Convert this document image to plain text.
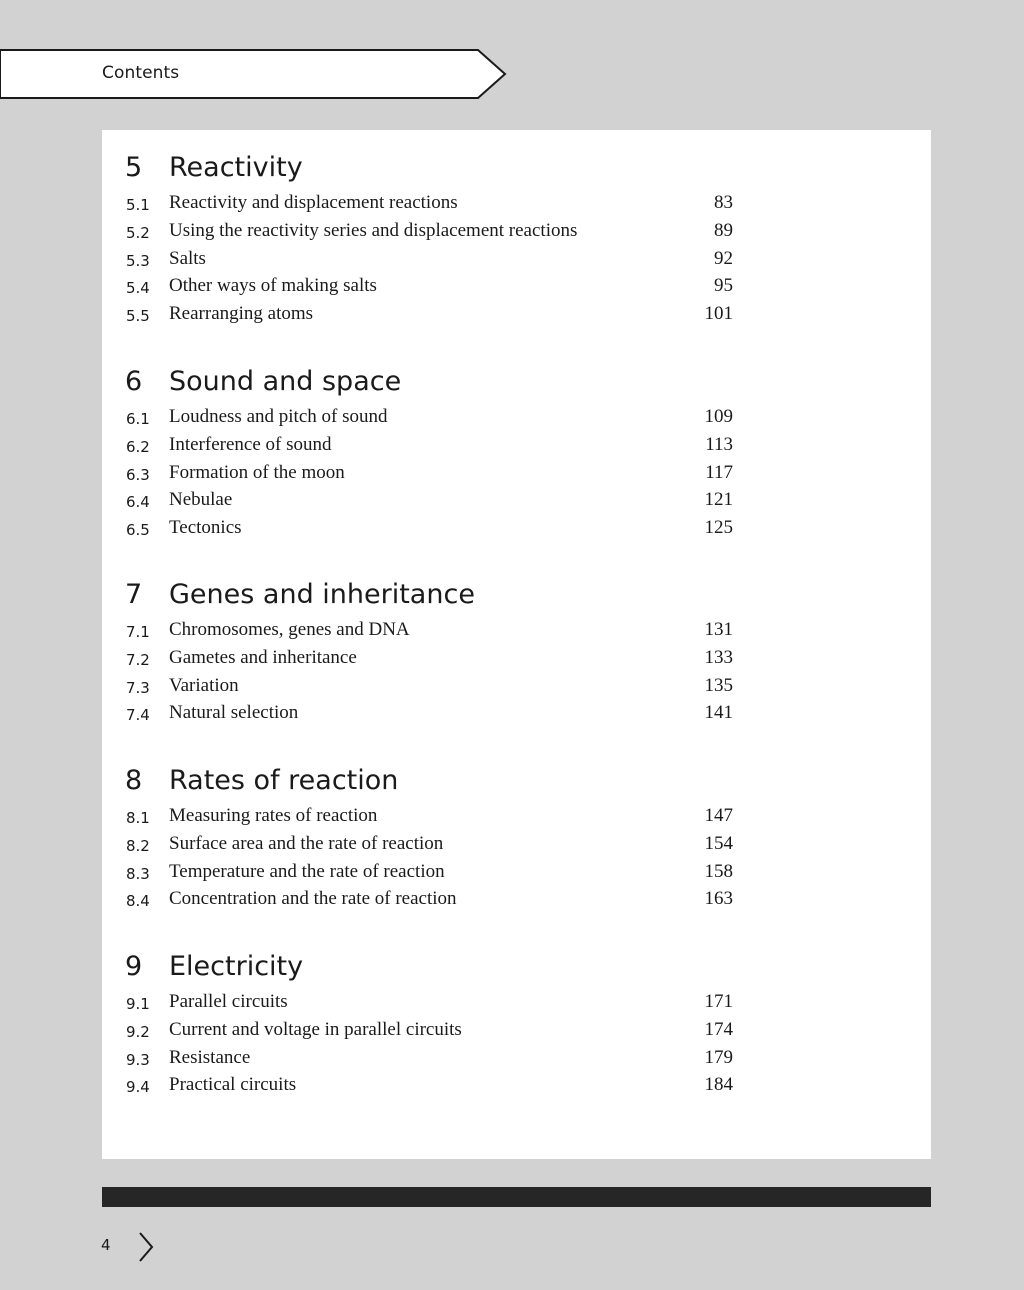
Contents
5 Reactivity
5.1 Reactivity and displacement reactions	83
5.2 Using the reactivity series and displacement reactions	89
5.3 Salts	92
5.4 Other ways of making salts	95
5.5 Rearranging atoms	101
6 Sound and space
6.1 Loudness and pitch of sound	109
6.2 Interference of sound	113
6.3 Formation of the moon	117
6.4 Nebulae	121
6.5 Tectonics	125
7 Genes and inheritance
7.1 Chromosomes, genes and DNA	131
7.2 Gametes and inheritance	133
7.3 Variation	135
7.4 Natural selection	141
8 Rates of reaction
8.1 Measuring rates of reaction	147
8.2 Surface area and the rate of reaction	154
8.3 Temperature and the rate of reaction	158
8.4 Concentration and the rate of reaction	163
9 Electricity
9.1 Parallel circuits	171
9.2 Current and voltage in parallel circuits	174
9.3 Resistance	179
9.4 Practical circuits	184
4
